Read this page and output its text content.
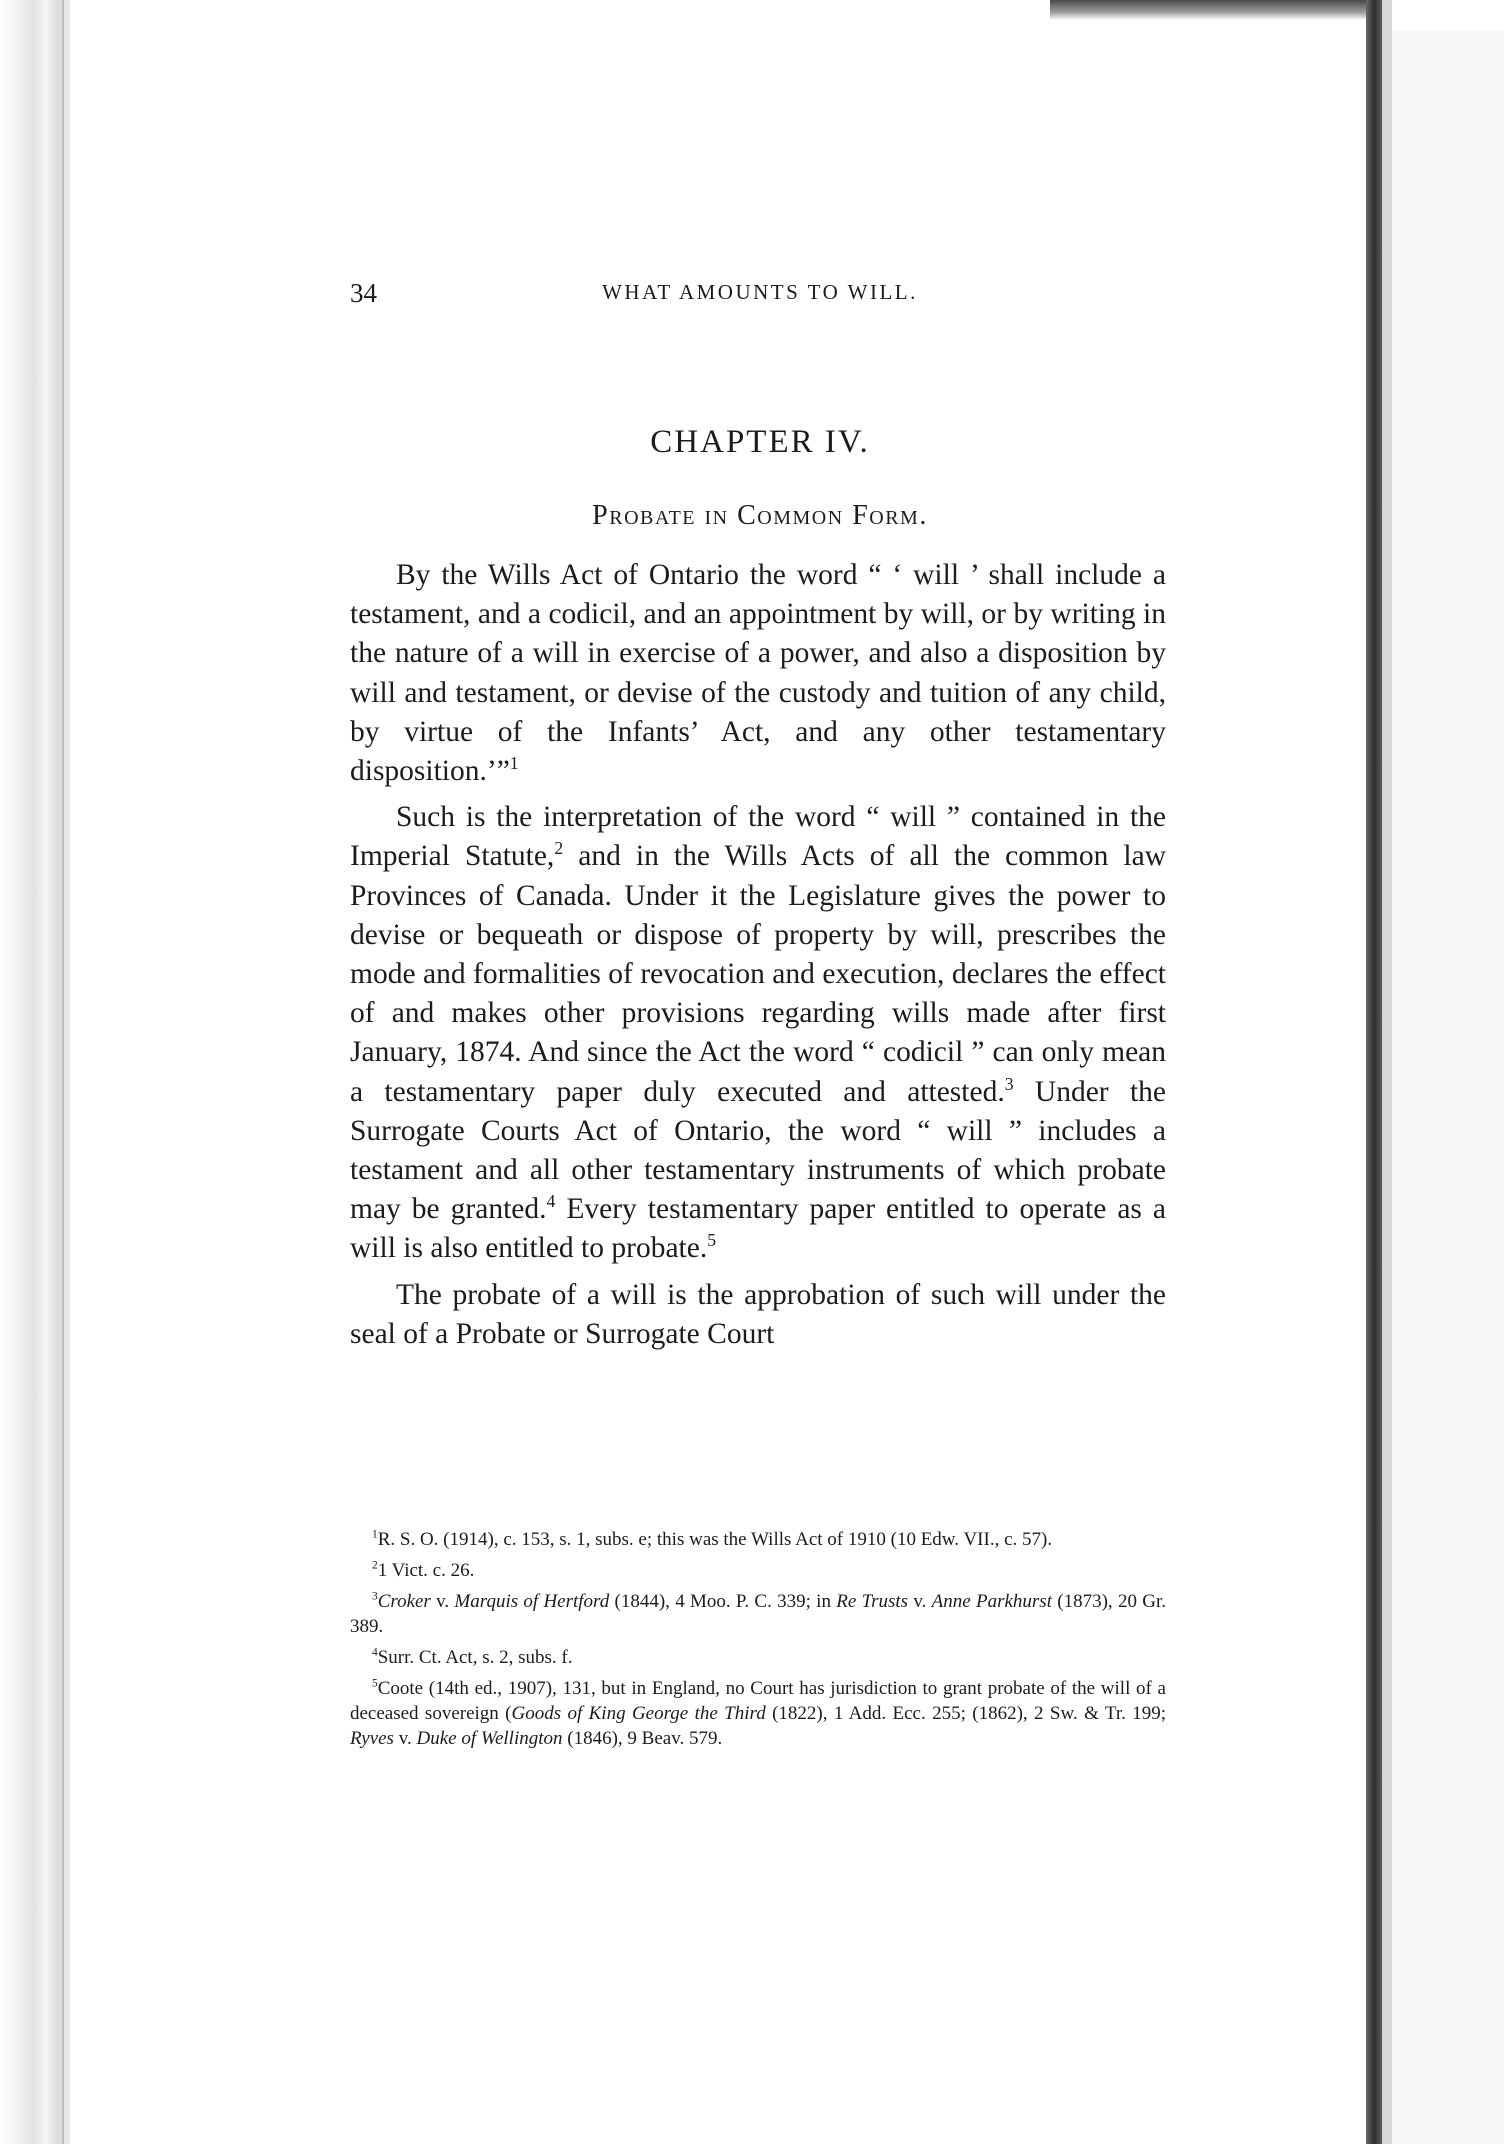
34	WHAT AMOUNTS TO WILL.
CHAPTER IV.
Probate in Common Form.

By the Wills Act of Ontario the word “ ‘ will ’ shall include a testament, and a codicil, and an appointment by will, or by writing in the nature of a will in exercise of a power, and also a disposition by will and testament, or devise of the custody and tuition of any child, by virtue of the Infants’ Act, and any other testamentary disposition.’”$^1$

Such is the interpretation of the word “ will ” contained in the Imperial Statute,$^2$ and in the Wills Acts of all the common law Provinces of Canada. Under it the Legislature gives the power to devise or bequeath or dispose of property by will, prescribes the mode and formalities of revocation and execution, declares the effect of and makes other provisions regarding wills made after first January, 1874. And since the Act the word “ codicil ” can only mean a testamentary paper duly executed and attested.$^3$ Under the Surrogate Courts Act of Ontario, the word “ will ” includes a testament and all other testamentary instruments of which probate may be granted.$^4$ Every testamentary paper entitled to operate as a will is also entitled to probate.$^5$

The probate of a will is the approbation of such will under the seal of a Probate or Surrogate Court

$^1$R. S. O. (1914), c. 153, s. 1, subs. e; this was the Wills Act of 1910 (10 Edw. VII., c. 57).

$^2$1 Vict. c. 26.

$^3$Croker v. Marquis of Hertford (1844), 4 Moo. P. C. 339; in Re Trusts v. Anne Parkhurst (1873), 20 Gr. 389.

$^4$Surr. Ct. Act, s. 2, subs. f.

$^5$Coote (14th ed., 1907), 131, but in England, no Court has jurisdiction to grant probate of the will of a deceased sovereign (Goods of King George the Third (1822), 1 Add. Ecc. 255; (1862), 2 Sw. & Tr. 199; Ryves v. Duke of Wellington (1846), 9 Beav. 579.
